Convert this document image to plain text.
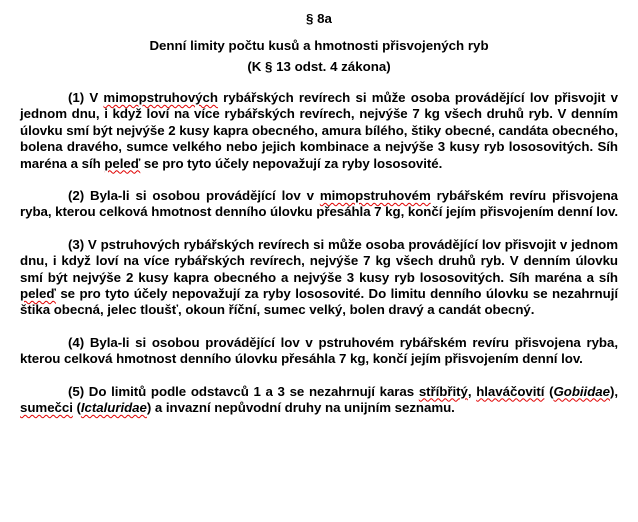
§ 8a

Denní limity počtu kusů a hmotnosti přisvojených ryb

(K § 13 odst. 4 zákona)

(1) V mimopstruhových rybářských revírech si může osoba provádějící lov přisvojit v jednom dnu, i když loví na více rybářských revírech, nejvýše 7 kg všech druhů ryb. V denním úlovku smí být nejvýše 2 kusy kapra obecného, amura bílého, štiky obecné, candáta obecného, bolena dravého, sumce velkého nebo jejich kombinace a nejvýše 3 kusy ryb lososovitých. Síh maréna a síh peleď se pro tyto účely nepovažují za ryby lososovité.

(2) Byla-li si osobou provádějící lov v mimopstruhovém rybářském revíru přisvojena ryba, kterou celková hmotnost denního úlovku přesáhla 7 kg, končí jejím přisvojením denní lov.

(3) V pstruhových rybářských revírech si může osoba provádějící lov přisvojit v jednom dnu, i když loví na více rybářských revírech, nejvýše 7 kg všech druhů ryb. V denním úlovku smí být nejvýše 2 kusy kapra obecného a nejvýše 3 kusy ryb lososovitých. Síh maréna a síh peleď se pro tyto účely nepovažují za ryby lososovité. Do limitu denního úlovku se nezahrnují štika obecná, jelec tloušť, okoun říční, sumec velký, bolen dravý a candát obecný.

(4) Byla-li si osobou provádějící lov v pstruhovém rybářském revíru přisvojena ryba, kterou celková hmotnost denního úlovku přesáhla 7 kg, končí jejím přisvojením denní lov.

(5) Do limitů podle odstavců 1 a 3 se nezahrnují karas stříbřitý, hlaváčovití (Gobiidae), sumečci (Ictaluridae) a invazní nepůvodní druhy na unijním seznamu.
